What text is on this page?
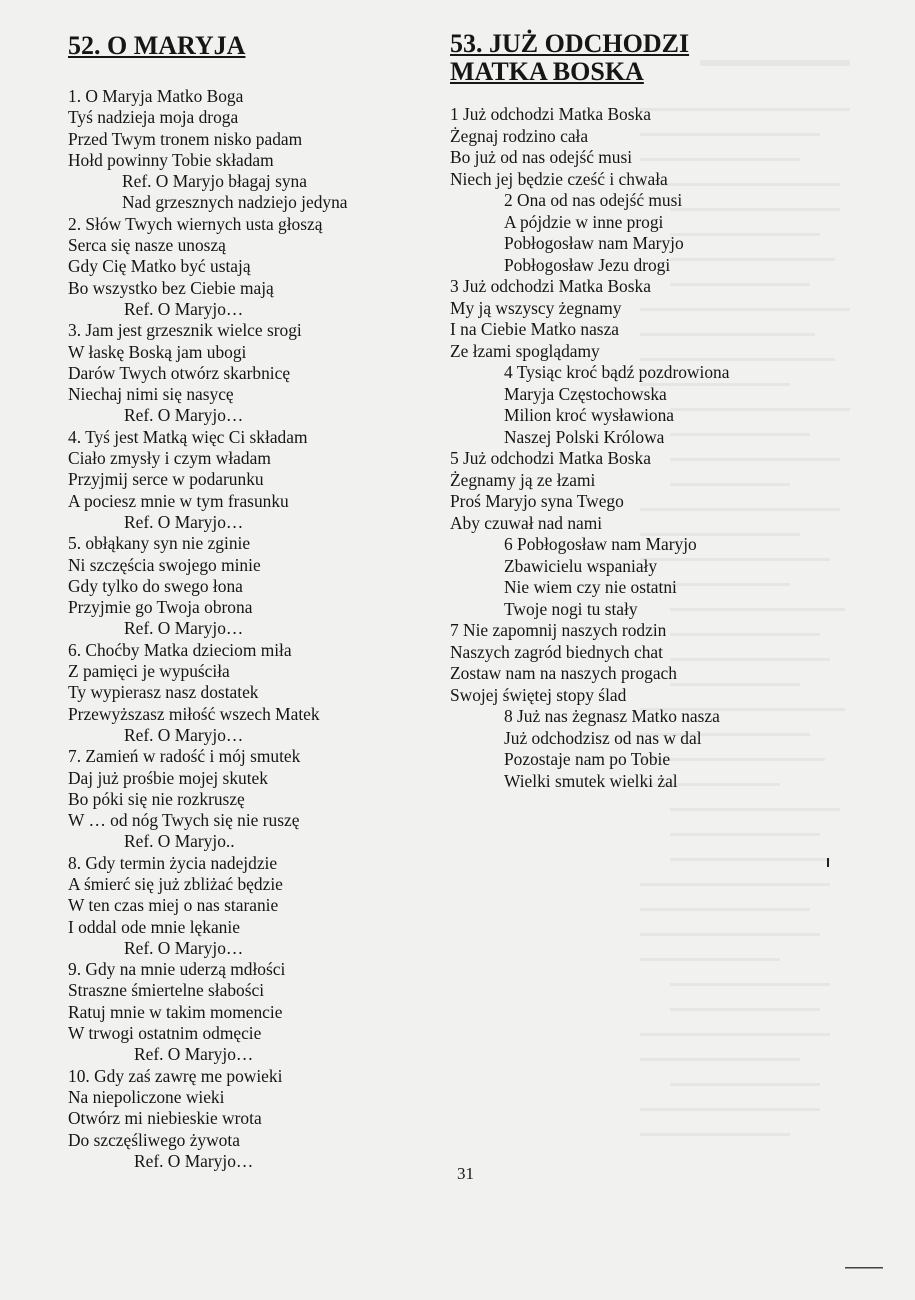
52. O MARYJA
1. O Maryja Matko Boga
Tyś nadzieja moja droga
Przed Twym tronem nisko padam
Hołd powinny Tobie składam
Ref. O Maryjo błagaj syna
Nad grzesznych nadziejo jedyna
2. Słów Twych wiernych usta głoszą
Serca się nasze unoszą
Gdy Cię Matko być ustają
Bo wszystko bez Ciebie mają
Ref. O Maryjo…
3. Jam jest grzesznik wielce srogi
W łaskę Boską jam ubogi
Darów Twych otwórz skarbnicę
Niechaj nimi się nasycę
Ref. O Maryjo…
4. Tyś jest Matką więc Ci składam
Ciało zmysły i czym władam
Przyjmij serce w podarunku
A pociesz mnie w tym frasunku
Ref. O Maryjo…
5. obłąkany syn nie zginie
Ni szczęścia swojego minie
Gdy tylko do swego łona
Przyjmie go Twoja obrona
Ref. O Maryjo…
6. Choćby Matka dzieciom miła
Z pamięci je wypuściła
Ty wypierasz nasz dostatek
Przewyższasz miłość wszech Matek
Ref. O Maryjo…
7. Zamień w radość i mój smutek
Daj już prośbie mojej skutek
Bo póki się nie rozkruszę
W … od nóg Twych się nie ruszę
Ref. O Maryjo..
8. Gdy termin życia nadejdzie
A śmierć się już zbliżać będzie
W ten czas miej o nas staranie
I oddal ode mnie lękanie
Ref. O Maryjo…
9. Gdy na mnie uderzą mdłości
Straszne śmiertelne słabości
Ratuj mnie w takim momencie
W trwogi ostatnim odmęcie
Ref. O Maryjo…
10. Gdy zaś zawrę me powieki
Na niepoliczone wieki
Otwórz mi niebieskie wrota
Do szczęśliwego żywota
Ref. O Maryjo…
53. JUŻ ODCHODZI
MATKA BOSKA
1 Już odchodzi Matka Boska
Żegnaj rodzino cała
Bo już od nas odejść musi
Niech jej będzie cześć i chwała
2 Ona od nas odejść musi
A pójdzie w inne progi
Pobłogosław nam Maryjo
Pobłogosław Jezu drogi
3 Już odchodzi Matka Boska
My ją wszyscy żegnamy
I na Ciebie Matko nasza
Ze łzami spoglądamy
4 Tysiąc kroć bądź pozdrowiona
Maryja Częstochowska
Milion kroć wysławiona
Naszej Polski Królowa
5 Już odchodzi Matka Boska
Żegnamy ją ze łzami
Proś Maryjo syna Twego
Aby czuwał nad nami
6 Pobłogosław nam Maryjo
Zbawicielu wspaniały
Nie wiem czy nie ostatni
Twoje nogi tu stały
7 Nie zapomnij naszych rodzin
Naszych zagród biednych chat
Zostaw nam na naszych progach
Swojej świętej stopy ślad
8 Już nas żegnasz Matko nasza
Już odchodzisz od nas w dal
Pozostaje nam po Tobie
Wielki smutek wielki żal
31
